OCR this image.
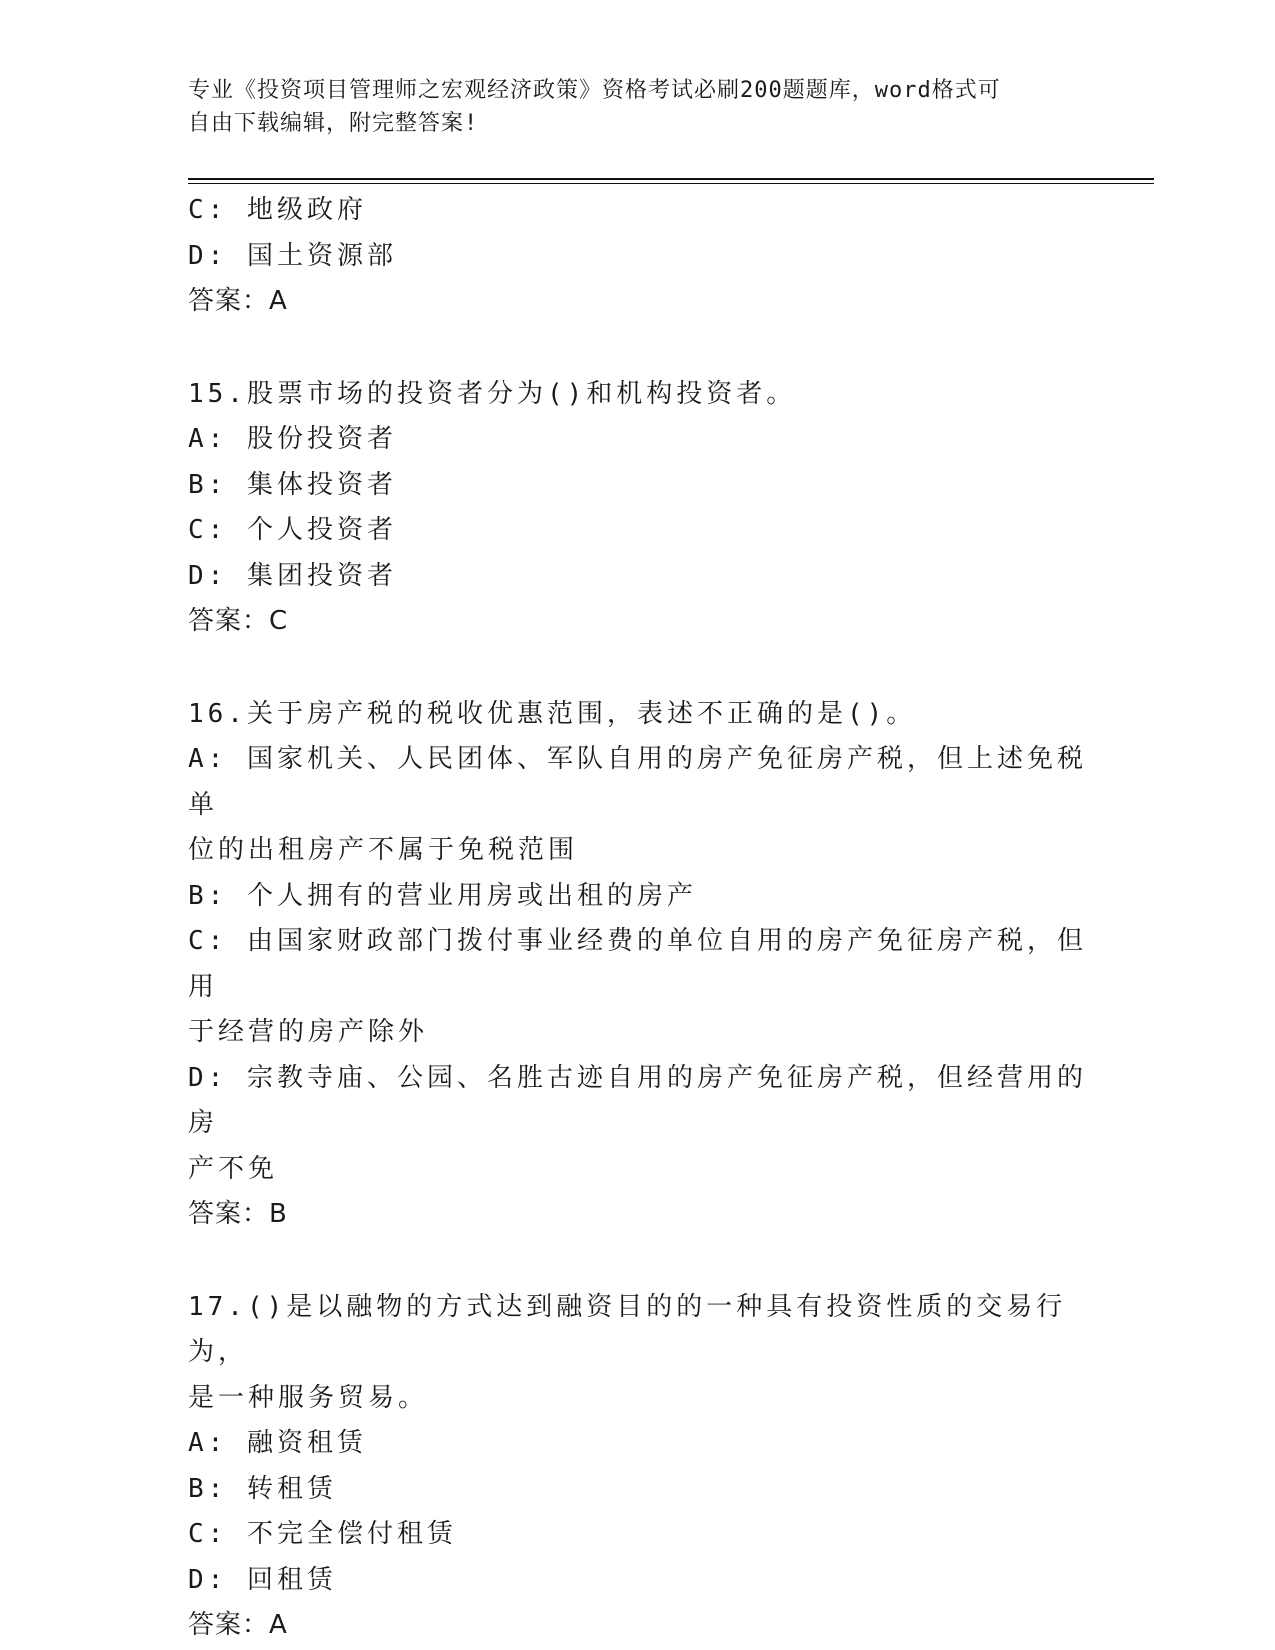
专业《投资项目管理师之宏观经济政策》资格考试必刷200题题库，word格式可
自由下载编辑，附完整答案!
C: 地级政府
D: 国土资源部
答案：A
15.股票市场的投资者分为()和机构投资者。
A: 股份投资者
B: 集体投资者
C: 个人投资者
D: 集团投资者
答案：C
16.关于房产税的税收优惠范围，表述不正确的是()。
A: 国家机关、人民团体、军队自用的房产免征房产税，但上述免税单
位的出租房产不属于免税范围
B: 个人拥有的营业用房或出租的房产
C: 由国家财政部门拨付事业经费的单位自用的房产免征房产税，但用
于经营的房产除外
D: 宗教寺庙、公园、名胜古迹自用的房产免征房产税，但经营用的房
产不免
答案：B
17.()是以融物的方式达到融资目的的一种具有投资性质的交易行为，
是一种服务贸易。
A: 融资租赁
B: 转租赁
C: 不完全偿付租赁
D: 回租赁
答案：A
